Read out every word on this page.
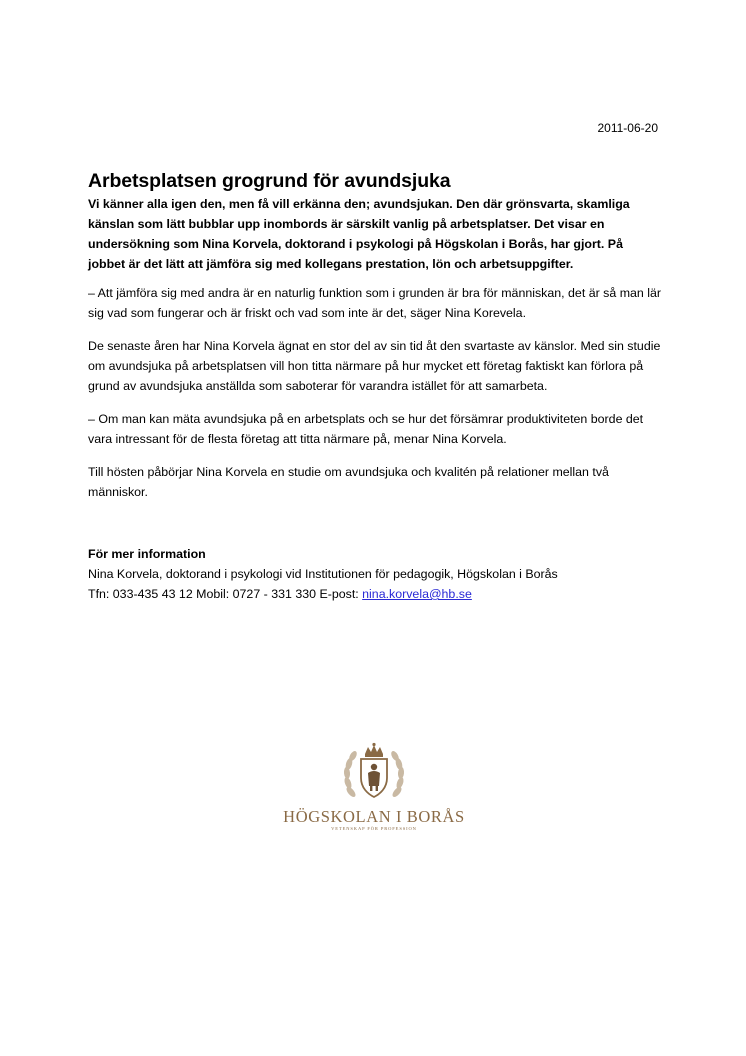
2011-06-20
Arbetsplatsen grogrund för avundsjuka

Vi känner alla igen den, men få vill erkänna den; avundsjukan. Den där grönsvarta, skamliga känslan som lätt bubblar upp inombords är särskilt vanlig på arbetsplatser. Det visar en undersökning som Nina Korvela, doktorand i psykologi på Högskolan i Borås, har gjort. På jobbet är det lätt att jämföra sig med kollegans prestation, lön och arbetsuppgifter.

– Att jämföra sig med andra är en naturlig funktion som i grunden är bra för människan, det är så man lär sig vad som fungerar och är friskt och vad som inte är det, säger Nina Korevela.

De senaste åren har Nina Korvela ägnat en stor del av sin tid åt den svartaste av känslor. Med sin studie om avundsjuka på arbetsplatsen vill hon titta närmare på hur mycket ett företag faktiskt kan förlora på grund av avundsjuka anställda som saboterar för varandra istället för att samarbeta.

– Om man kan mäta avundsjuka på en arbetsplats och se hur det försämrar produktiviteten borde det vara intressant för de flesta företag att titta närmare på, menar Nina Korvela.

Till hösten påbörjar Nina Korvela en studie om avundsjuka och kvalitén på relationer mellan två människor.

För mer information
Nina Korvela, doktorand i psykologi vid Institutionen för pedagogik, Högskolan i Borås
Tfn: 033-435 43 12 Mobil: 0727 - 331 330 E-post: nina.korvela@hb.se
HÖGSKOLAN I BORÅS
VETENSKAP FÖR PROFESSION
